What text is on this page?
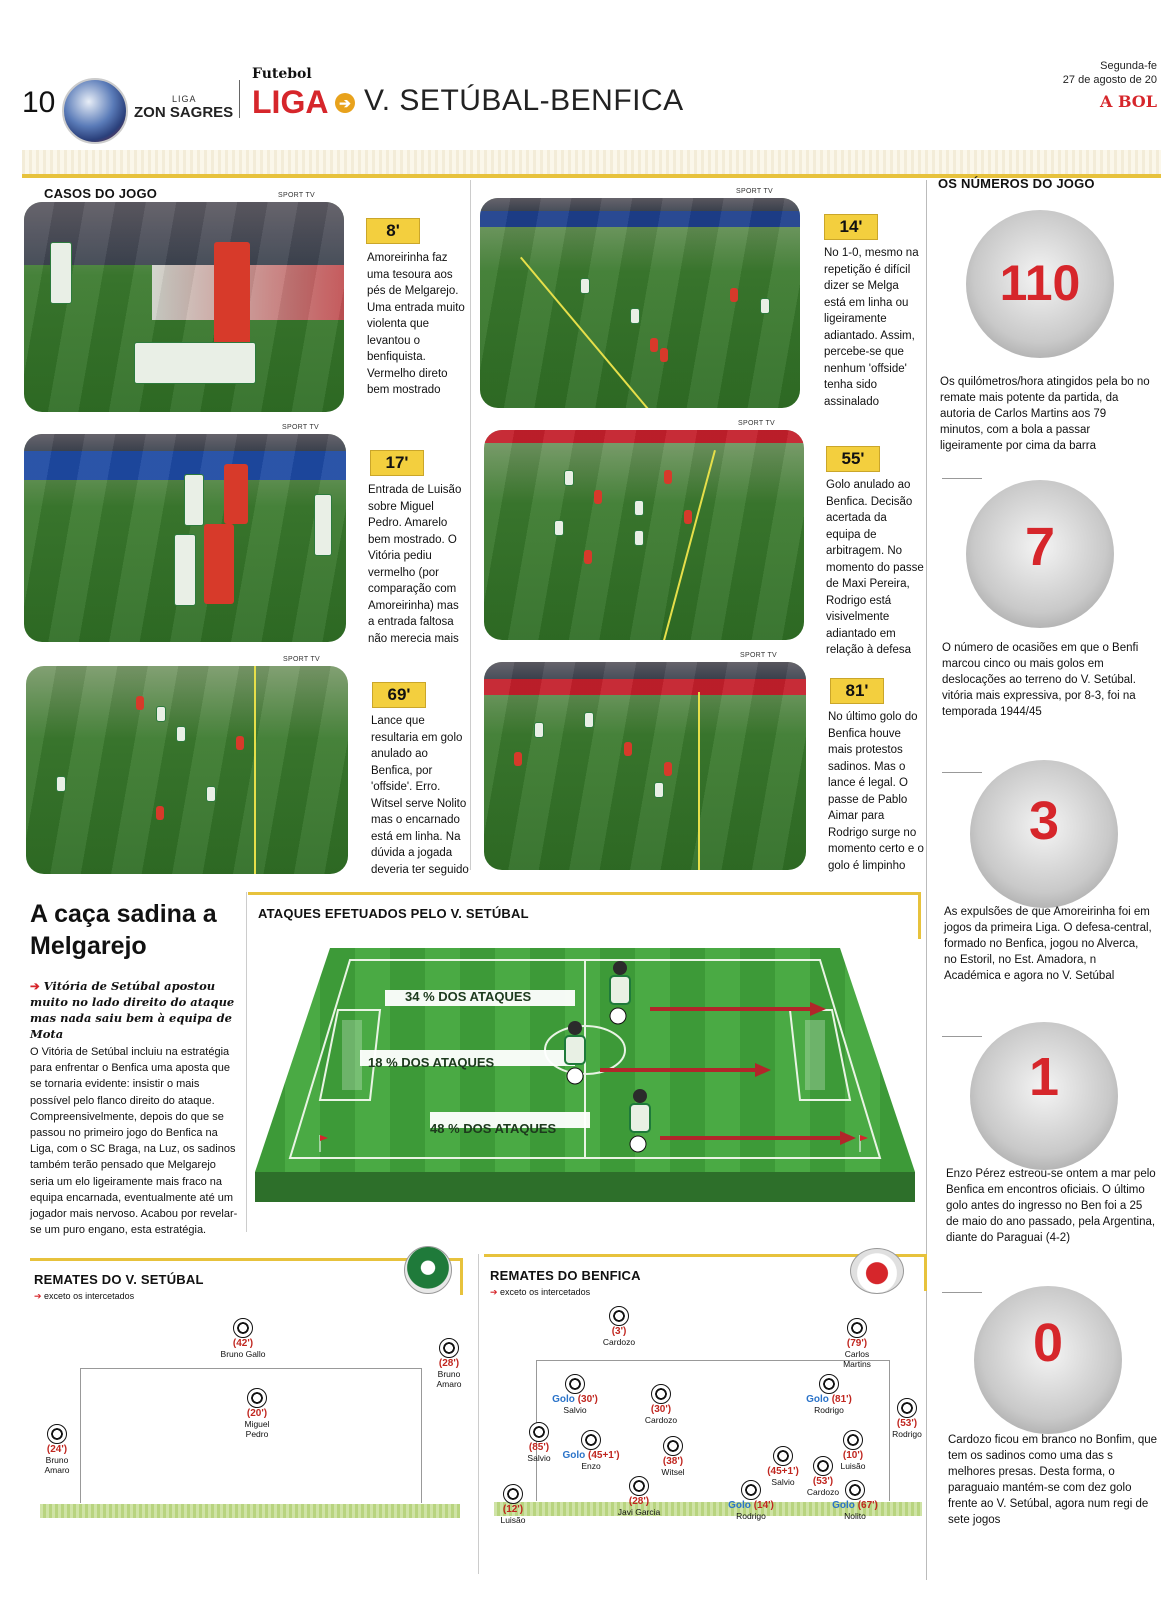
10	LIGA
ZON SAGRES
Futebol
LIGA ➔ V. SETÚBAL-BENFICA
Segunda-fe
27 de agosto de 20
A BOL
CASOS DO JOGO	SPORT TV
8'
Amoreirinha faz uma tesoura aos pés de Melgarejo. Uma entrada muito violenta que levantou o benfiquista. Vermelho direto bem mostrado
SPORT TV
14'
No 1-0, mesmo na repetição é difícil dizer se Melga está em linha ou ligeiramente adiantado. Assim, percebe-se que nenhum 'offside' tenha sido assinalado
SPORT TV
17'
Entrada de Luisão sobre Miguel Pedro. Amarelo bem mostrado. O Vitória pediu vermelho (por comparação com Amoreirinha) mas a entrada faltosa não merecia mais
SPORT TV
55'
Golo anulado ao Benfica. Decisão acertada da equipa de arbitragem. No momento do passe de Maxi Pereira, Rodrigo está visivelmente adiantado em relação à defesa
SPORT TV
69'
Lance que resultaria em golo anulado ao Benfica, por 'offside'. Erro. Witsel serve Nolito mas o encarnado está em linha. Na dúvida a jogada deveria ter seguido
SPORT TV
81'
No último golo do Benfica houve mais protestos sadinos. Mas o lance é legal. O passe de Pablo Aimar para Rodrigo surge no momento certo e o golo é limpinho
OS NÚMEROS DO JOGO
110
Os quilómetros/hora atingidos pela bo no remate mais potente da partida, da autoria de Carlos Martins aos 79 minutos, com a bola a passar ligeiramente por cima da barra
7
O número de ocasiões em que o Benfi marcou cinco ou mais golos em deslocações ao terreno do V. Setúbal. vitória mais expressiva, por 8-3, foi na temporada 1944/45
3
As expulsões de que Amoreirinha foi em jogos da primeira Liga. O defesa-central, formado no Benfica, jogou no Alverca, no Estoril, no Est. Amadora, n Académica e agora no V. Setúbal
1
Enzo Pérez estreou-se ontem a mar pelo Benfica em encontros oficiais. O último golo antes do ingresso no Ben foi a 25 de maio do ano passado, pela Argentina, diante do Paraguai (4-2)
0
Cardozo ficou em branco no Bonfim, que tem os sadinos como uma das s melhores presas. Desta forma, o paraguaio mantém-se com dez golo frente ao V. Setúbal, agora num regi de sete jogos
A caça sadina a Melgarejo
➔ Vitória de Setúbal apostou muito no lado direito do ataque mas nada saiu bem à equipa de Mota
O Vitória de Setúbal incluiu na estratégia para enfrentar o Benfica uma aposta que se tornaria evidente: insistir o mais possível pelo flanco direito do ataque. Compreensivelmente, depois do que se passou no primeiro jogo do Benfica na Liga, com o SC Braga, na Luz, os sadinos também terão pensado que Melgarejo seria um elo ligeiramente mais fraco na equipa encarnada, eventualmente até um jogador mais nervoso. Acabou por revelar-se um puro engano, esta estratégia.
ATAQUES EFETUADOS PELO V. SETÚBAL
34 % DOS ATAQUES
18 % DOS ATAQUES
48 % DOS ATAQUES
REMATES DO V. SETÚBAL
➔ exceto os intercetados
(42')
Bruno Gallo
(28')
Bruno Amaro
(20')
Miguel Pedro
(24')
Bruno Amaro
REMATES DO BENFICA
➔ exceto os intercetados
(3')
Cardozo	(79')
Carlos Martins
Golo (30')
Salvio	(30')
Cardozo
Golo (81')
Rodrigo
(53')
Rodrigo
(85')
Salvio	Golo (45+1')
Enzo	(38')
Witsel	(45+1')
Salvio
(10')
Luisão
(53')
Cardozo
(12')
Luisão
(28')
Javi Garcia
Golo (14')
Rodrigo
Golo (67')
Nolito
